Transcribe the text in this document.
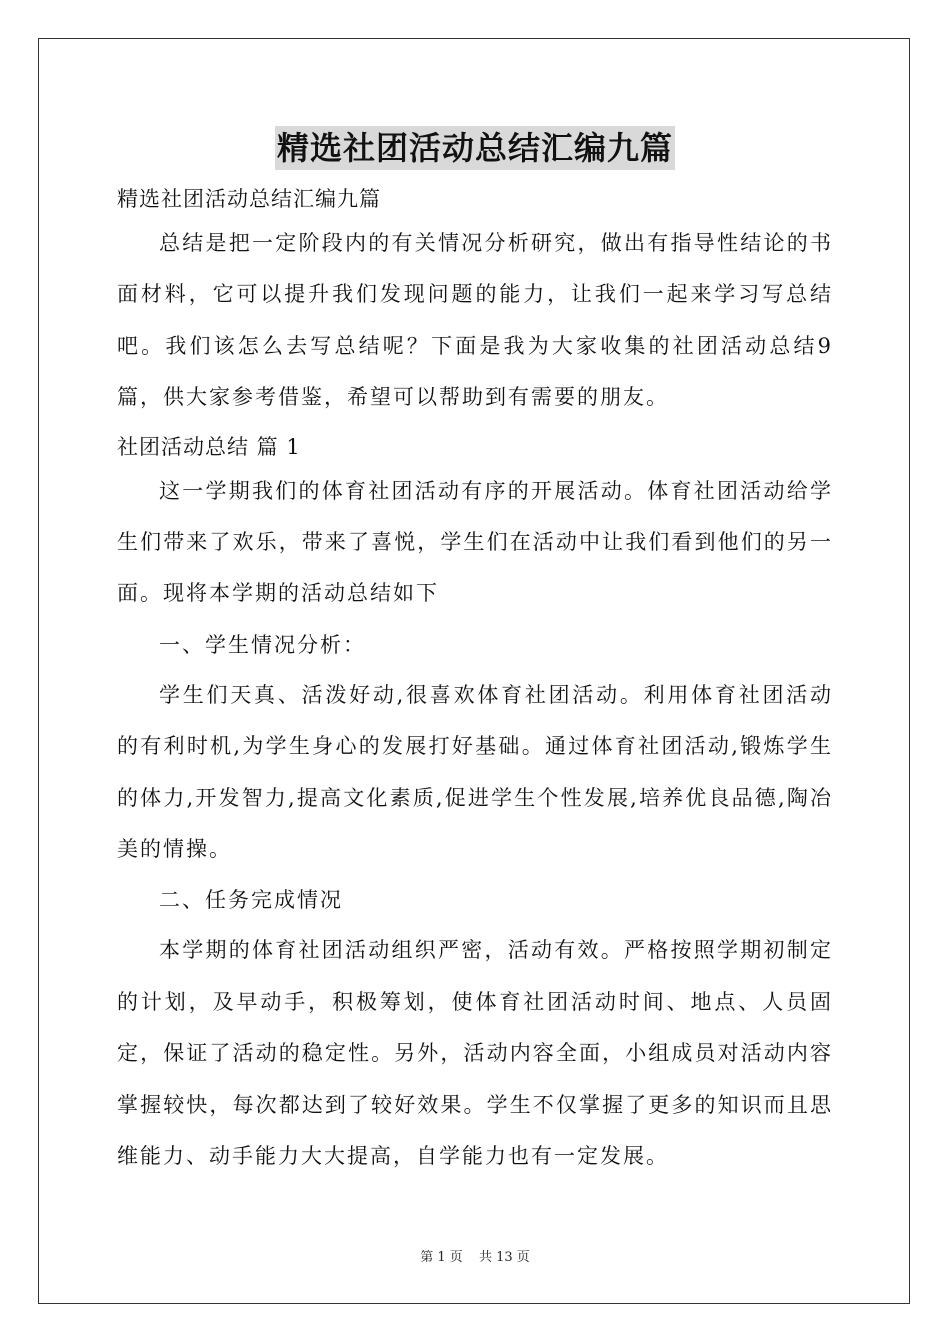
精选社团活动总结汇编九篇

精选社团活动总结汇编九篇

总结是把一定阶段内的有关情况分析研究，做出有指导性结论的书面材料，它可以提升我们发现问题的能力，让我们一起来学习写总结吧。我们该怎么去写总结呢？下面是我为大家收集的社团活动总结9篇，供大家参考借鉴，希望可以帮助到有需要的朋友。

社团活动总结 篇 1

这一学期我们的体育社团活动有序的开展活动。体育社团活动给学生们带来了欢乐，带来了喜悦，学生们在活动中让我们看到他们的另一面。现将本学期的活动总结如下

一、学生情况分析：

学生们天真、活泼好动,很喜欢体育社团活动。利用体育社团活动的有利时机,为学生身心的发展打好基础。通过体育社团活动,锻炼学生的体力,开发智力,提高文化素质,促进学生个性发展,培养优良品德,陶冶美的情操。

二、任务完成情况

本学期的体育社团活动组织严密，活动有效。严格按照学期初制定的计划，及早动手，积极筹划，使体育社团活动时间、地点、人员固定，保证了活动的稳定性。另外，活动内容全面，小组成员对活动内容掌握较快，每次都达到了较好效果。学生不仅掌握了更多的知识而且思维能力、动手能力大大提高，自学能力也有一定发展。

第 1 页 共 13 页
